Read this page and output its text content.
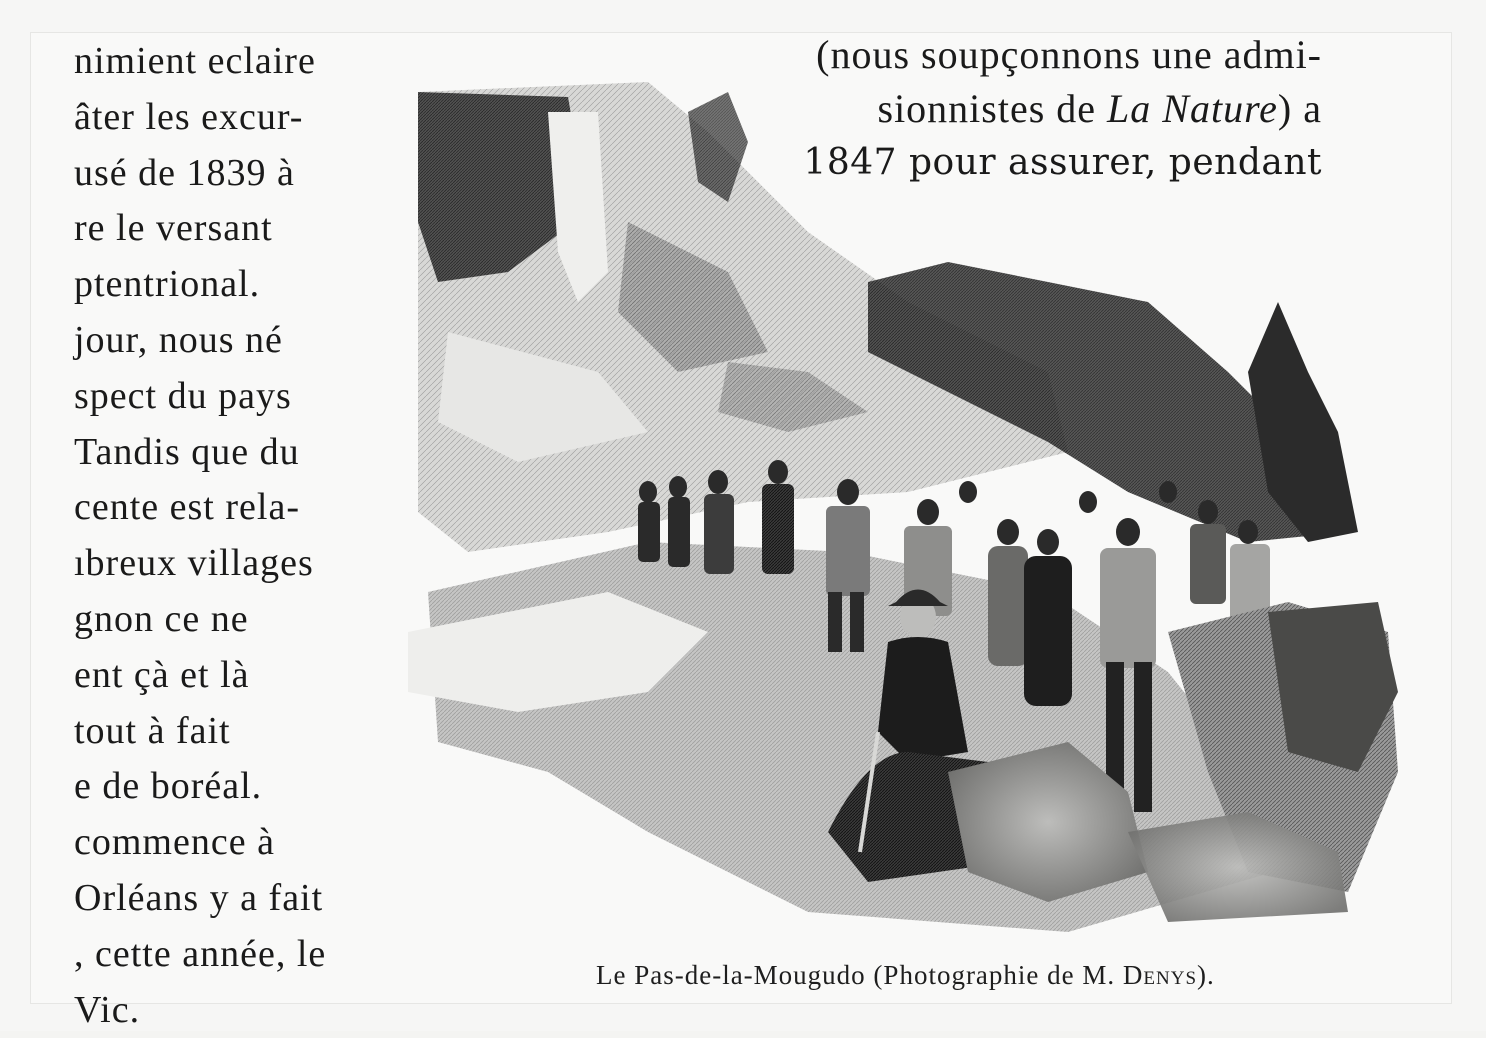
nimient eclaire
âter les excur-
usé de 1839 à
re le versant
ptentrional.
jour, nous né
spect du pays
Tandis que du
cente est rela-
ıbreux villages
gnon ce ne
ent çà et là
tout à fait
e de boréal.
commence à
Orléans y a fait
, cette année, le
Vic.
(nous soupçonnons une admi-
sionnistes de La Nature) a
1847 pour assurer, pendant
Le Pas-de-la-Mougudo (Photographie de M. Denys).
